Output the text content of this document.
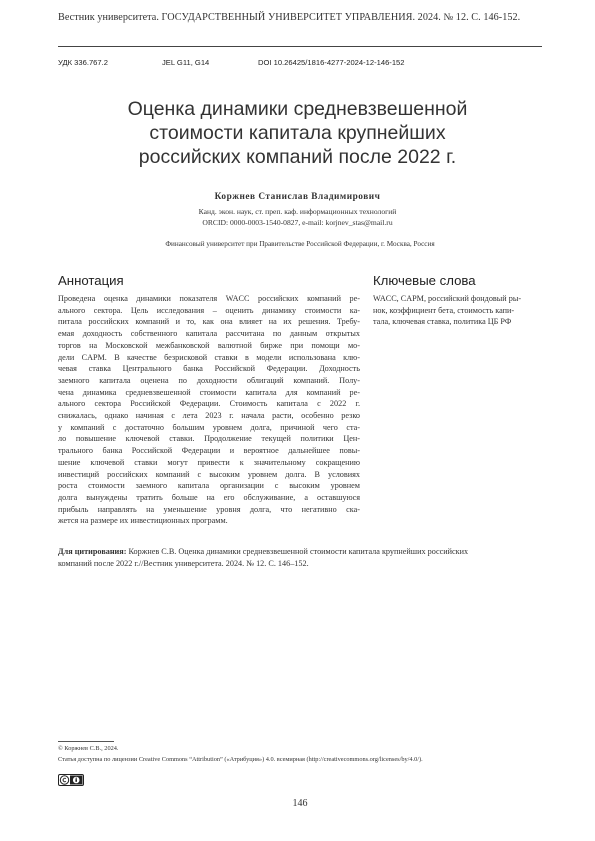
Вестник университета. ГОСУДАРСТВЕННЫЙ УНИВЕРСИТЕТ УПРАВЛЕНИЯ. 2024. № 12. С. 146-152.
УДК 336.767.2	JEL G11, G14	DOI 10.26425/1816-4277-2024-12-146-152
Оценка динамики средневзвешенной
стоимости капитала крупнейших
российских компаний после 2022 г.
Коржнев Станислав Владимирович
Канд. экон. наук, ст. преп. каф. информационных технологий
ORCID: 0000-0003-1540-0827, e-mail: korjnev_stas@mail.ru
Финансовый университет при Правительстве Российской Федерации, г. Москва, Россия
Аннотация
Проведена оценка динамики показателя WACC российских компаний ре-
ального сектора. Цель исследования – оценить динамику стоимости ка-
питала российских компаний и то, как она влияет на их решения. Требу-
емая доходность собственного капитала рассчитана по данным открытых
торгов на Московской межбанковской валютной бирже при помощи мо-
дели CAPM. В качестве безрисковой ставки в модели использована клю-
чевая ставка Центрального банка Российской Федерации. Доходность
заемного капитала оценена по доходности облигаций компаний. Полу-
чена динамика средневзвешенной стоимости капитала для компаний ре-
ального сектора Российской Федерации. Стоимость капитала с 2022 г.
снижалась, однако начиная с лета 2023 г. начала расти, особенно резко
у компаний с достаточно большим уровнем долга, причиной чего ста-
ло повышение ключевой ставки. Продолжение текущей политики Цен-
трального банка Российской Федерации и вероятное дальнейшее повы-
шение ключевой ставки могут привести к значительному сокращению
инвестиций российских компаний с высоким уровнем долга. В условиях
роста стоимости заемного капитала организации с высоким уровнем
долга вынуждены тратить больше на его обслуживание, а оставшуюся
прибыль направлять на уменьшение уровня долга, что негативно ска-
жется на размере их инвестиционных программ.
Ключевые слова
WACC, CAPM, российский фондовый ры-
нок, коэффициент бета, стоимость капи-
тала, ключевая ставка, политика ЦБ РФ
Для цитирования: Коржнев С.В. Оценка динамики средневзвешенной стоимости капитала крупнейших российских
компаний после 2022 г.//Вестник университета. 2024. № 12. С. 146–152.
© Коржнев С.В., 2024.
Статья доступна по лицензии Creative Commons “Attribution” («Атрибуция») 4.0. всемирная (http://creativecommons.org/licenses/by/4.0/).
146
